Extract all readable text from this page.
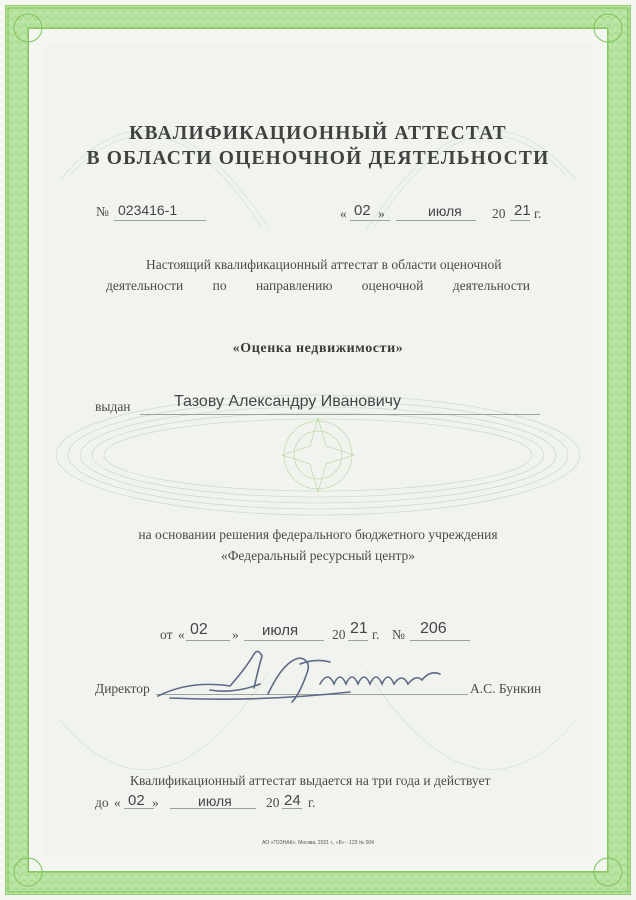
КВАЛИФИКАЦИОННЫЙ АТТЕСТАТ
В ОБЛАСТИ ОЦЕНОЧНОЙ ДЕЯТЕЛЬНОСТИ
№ 023416-1	« 02 »	июля 20 21 г.
Настоящий квалификационный аттестат в области оценочной
деятельности по направлению оценочной деятельности
«Оценка недвижимости»
выдан	Тазову Александру Ивановичу
на основании решения федерального бюджетного учреждения
«Федеральный ресурсный центр»
от « 02 » июля	20 21 г. № 206
Директор	А.С. Бункин
Квалификационный аттестат выдается на три года и действует
до « 02 »	июля	20 24 г.
АО «ГОЗНАК», Москва, 2021 г., «Б» - 123 № 004
